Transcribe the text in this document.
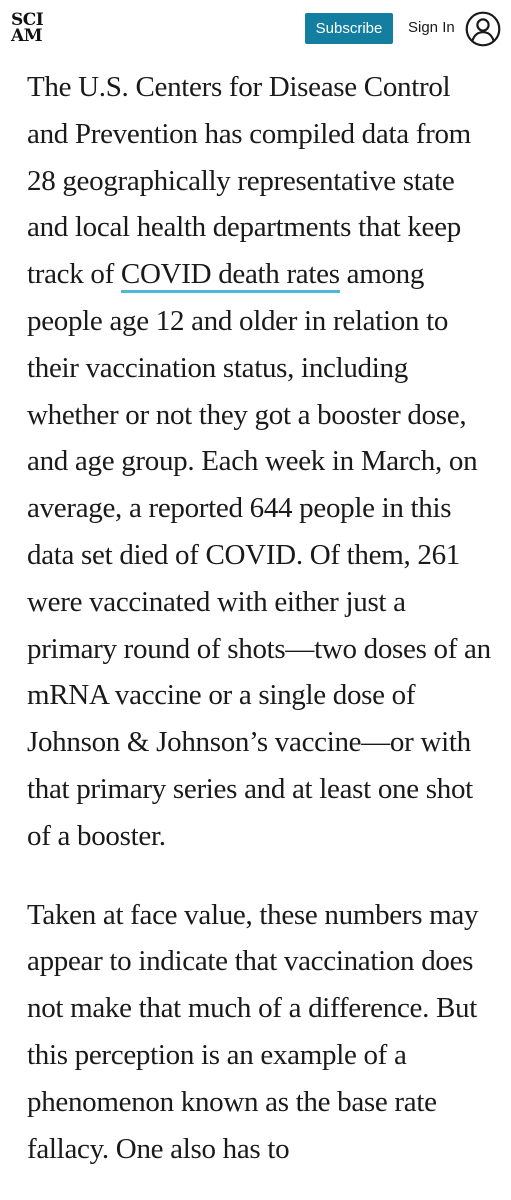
SCI
AM	Subscribe	Sign In

The U.S. Centers for Disease Control and Prevention has compiled data from 28 geographically representative state and local health departments that keep track of COVID death rates among people age 12 and older in relation to their vaccination status, including whether or not they got a booster dose, and age group. Each week in March, on average, a reported 644 people in this data set died of COVID. Of them, 261 were vaccinated with either just a primary round of shots—two doses of an mRNA vaccine or a single dose of Johnson & Johnson’s vaccine—or with that primary series and at least one shot of a booster.

Taken at face value, these numbers may appear to indicate that vaccination does not make that much of a difference. But this perception is an example of a phenomenon known as the base rate fallacy. One also has to
